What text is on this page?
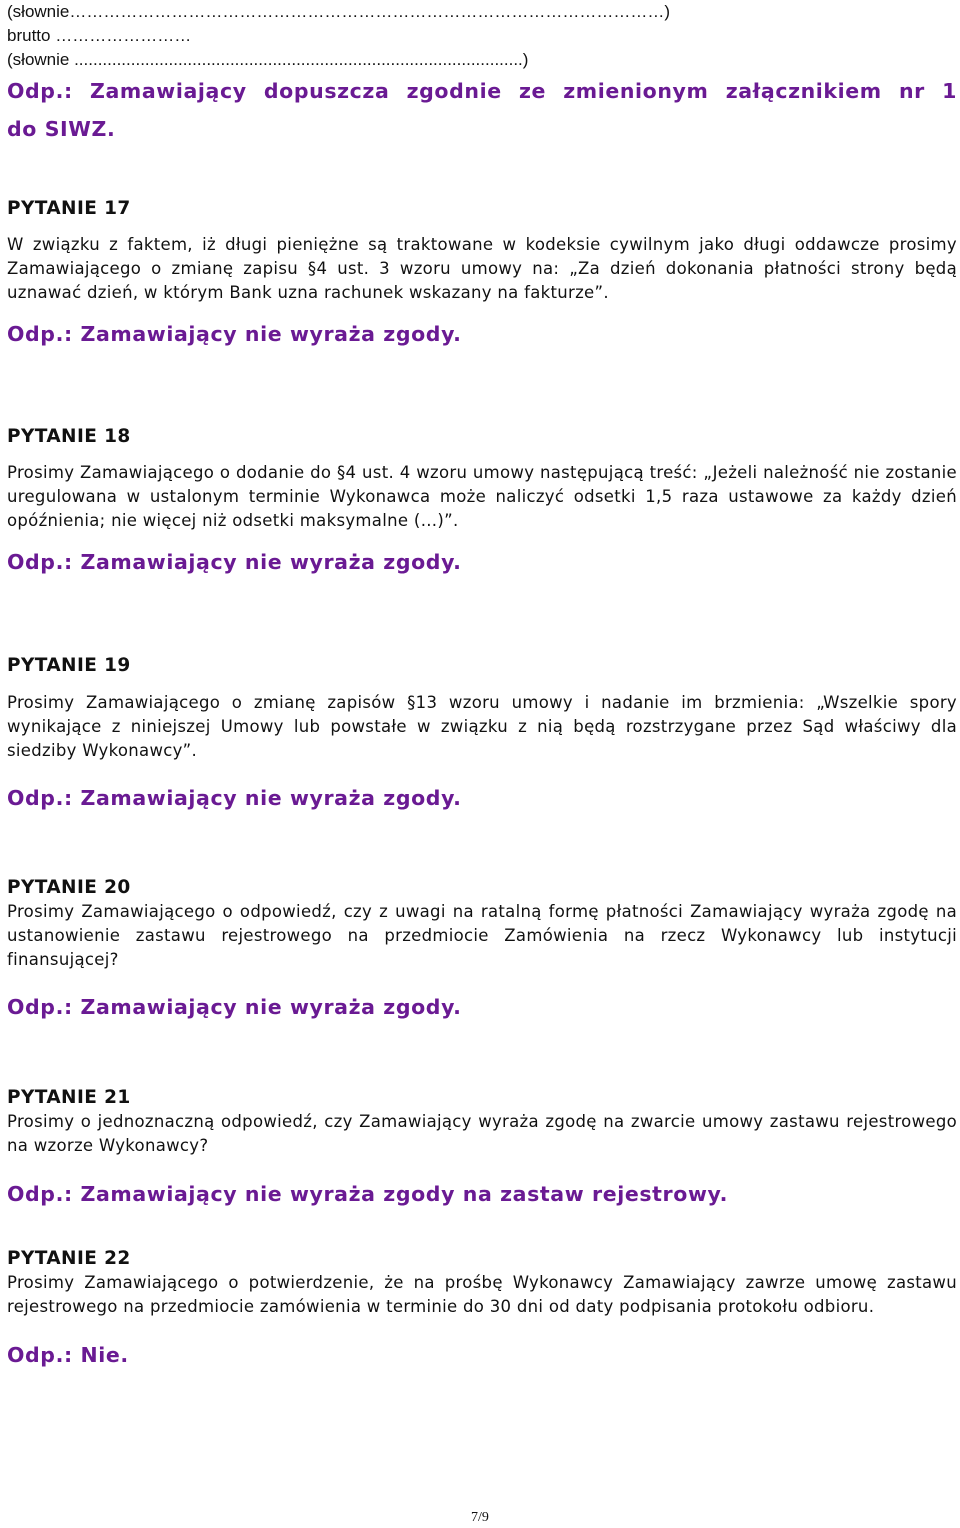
(słownie……………………………………………………………………………………………)
brutto ……………………
(słownie ...............................................................................................)
Odp.: Zamawiający dopuszcza zgodnie ze zmienionym załącznikiem nr 1
do SIWZ.
PYTANIE 17
W związku z faktem, iż długi pieniężne są traktowane w kodeksie cywilnym jako długi oddawcze prosimy Zamawiającego o zmianę zapisu §4 ust. 3 wzoru umowy na: „Za dzień dokonania płatności strony będą uznawać dzień, w którym Bank uzna rachunek wskazany na fakturze”.
Odp.: Zamawiający nie wyraża zgody.
PYTANIE 18
Prosimy Zamawiającego o dodanie do §4 ust. 4 wzoru umowy następującą treść: „Jeżeli należność nie zostanie uregulowana w ustalonym terminie Wykonawca może naliczyć odsetki 1,5 raza ustawowe za każdy dzień opóźnienia; nie więcej niż odsetki maksymalne (…)”.
Odp.: Zamawiający nie wyraża zgody.
PYTANIE 19
Prosimy Zamawiającego o zmianę zapisów §13 wzoru umowy i nadanie im brzmienia: „Wszelkie spory wynikające z niniejszej Umowy lub powstałe w związku z nią będą rozstrzygane przez Sąd właściwy dla siedziby Wykonawcy”.
Odp.: Zamawiający nie wyraża zgody.
PYTANIE 20
Prosimy Zamawiającego o odpowiedź, czy z uwagi na ratalną formę płatności Zamawiający wyraża zgodę na ustanowienie zastawu rejestrowego na przedmiocie Zamówienia na rzecz Wykonawcy lub instytucji finansującej?
Odp.: Zamawiający nie wyraża zgody.
PYTANIE 21
Prosimy o jednoznaczną odpowiedź, czy Zamawiający wyraża zgodę na zwarcie umowy zastawu rejestrowego na wzorze Wykonawcy?
Odp.: Zamawiający nie wyraża zgody na zastaw rejestrowy.
PYTANIE 22
Prosimy Zamawiającego o potwierdzenie, że na prośbę Wykonawcy Zamawiający zawrze umowę zastawu rejestrowego na przedmiocie zamówienia w terminie do 30 dni od daty podpisania protokołu odbioru.
Odp.: Nie.
7/9
